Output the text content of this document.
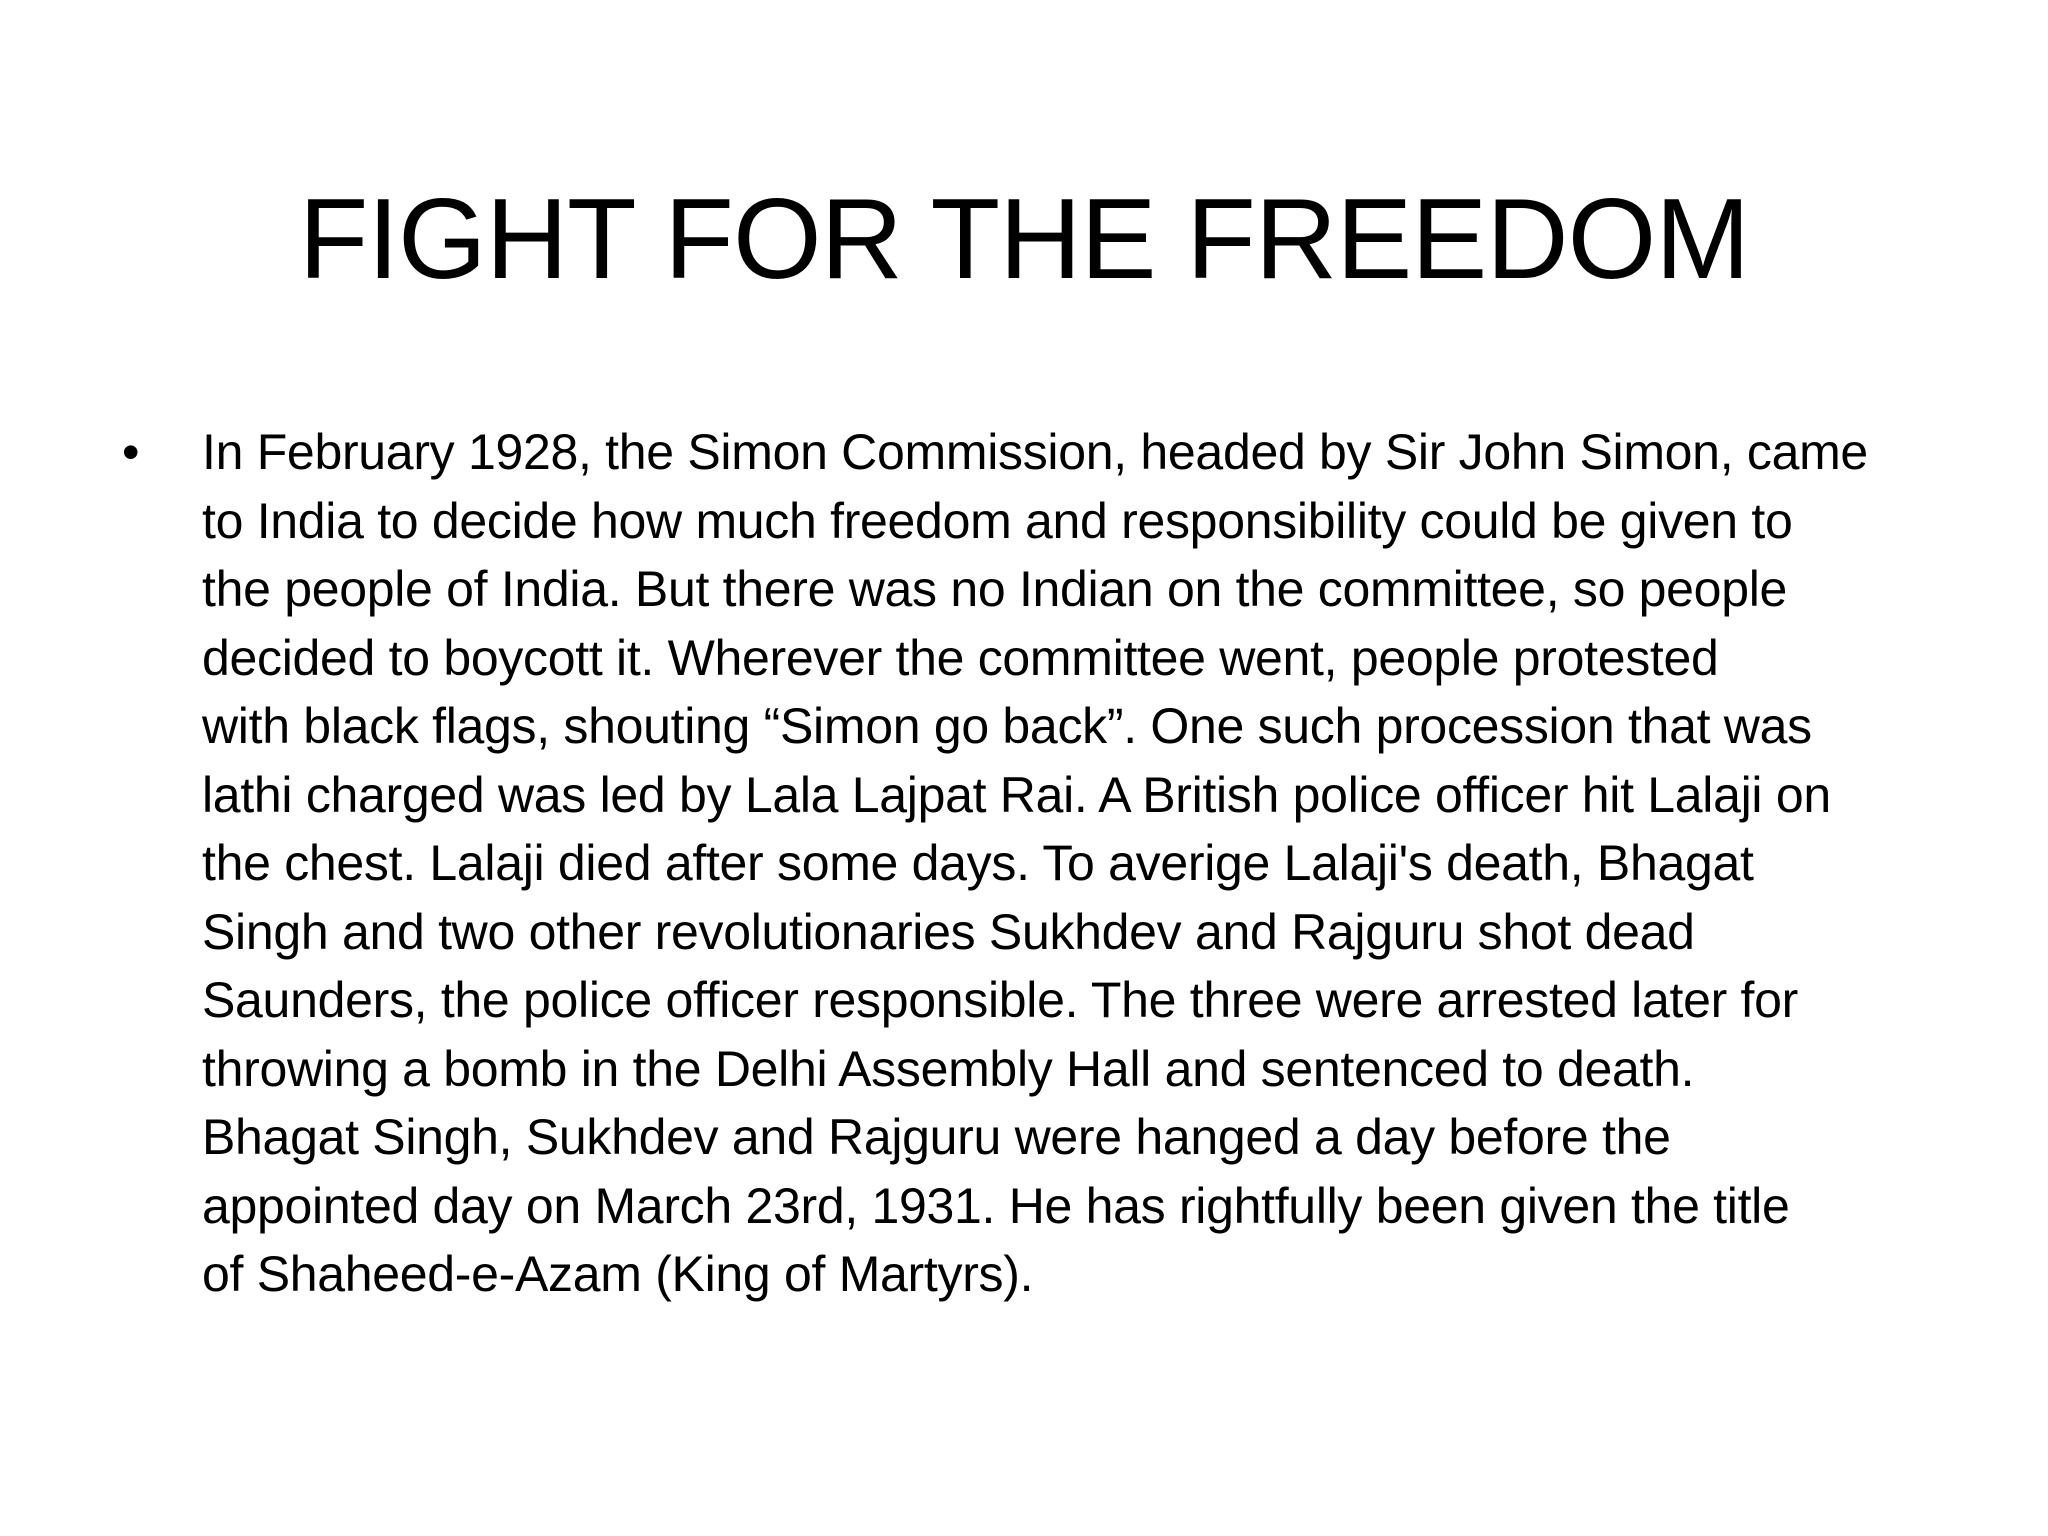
FIGHT FOR THE FREEDOM
• In February 1928, the Simon Commission, headed by Sir John Simon, came
to India to decide how much freedom and responsibility could be given to
the people of India. But there was no Indian on the committee, so people
decided to boycott it. Wherever the committee went, people protested
with black flags, shouting “Simon go back”. One such procession that was
lathi charged was led by Lala Lajpat Rai. A British police officer hit Lalaji on
the chest. Lalaji died after some days. To averige Lalaji's death, Bhagat
Singh and two other revolutionaries Sukhdev and Rajguru shot dead
Saunders, the police officer responsible. The three were arrested later for
throwing a bomb in the Delhi Assembly Hall and sentenced to death.
Bhagat Singh, Sukhdev and Rajguru were hanged a day before the
appointed day on March 23rd, 1931. He has rightfully been given the title
of Shaheed-e-Azam (King of Martyrs).
